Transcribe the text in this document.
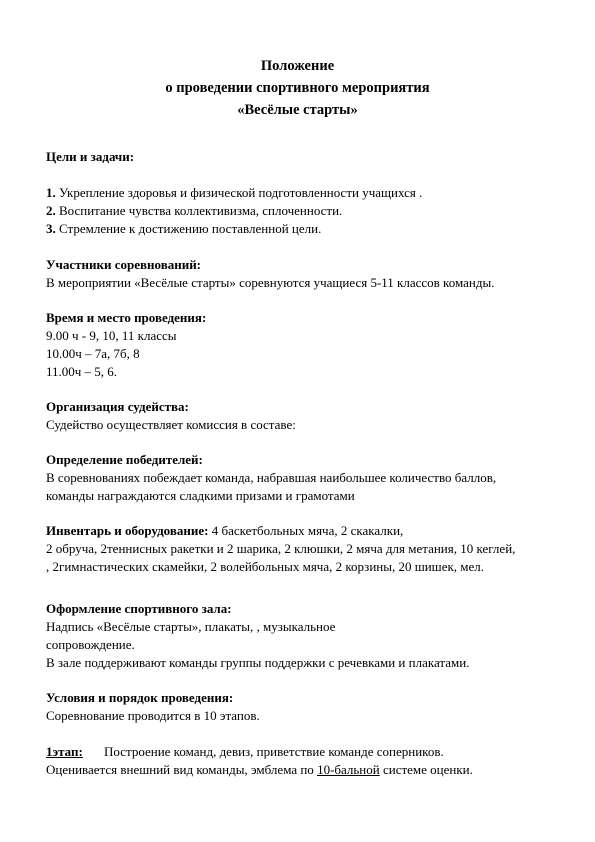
Положение
о проведении спортивного мероприятия
«Весёлые старты»
Цели и задачи:
1. Укрепление здоровья и физической подготовленности учащихся .
2. Воспитание чувства коллективизма, сплоченности.
3. Стремление к достижению поставленной цели.
Участники соревнований:
В мероприятии «Весёлые старты» соревнуются учащиеся 5-11 классов команды.
Время и место проведения:
9.00 ч - 9, 10, 11 классы
10.00ч – 7а, 7б, 8
11.00ч – 5, 6.
Организация судейства:
Судейство осуществляет комиссия в составе:
Определение победителей:
В соревнованиях побеждает команда, набравшая наибольшее количество баллов,
команды награждаются сладкими призами и грамотами
Инвентарь и оборудование: 4 баскетбольных мяча, 2 скакалки,
2 обруча, 2теннисных ракетки и 2 шарика, 2 клюшки, 2 мяча для метания, 10 кеглей,
, 2гимнастических скамейки, 2 волейбольных мяча, 2 корзины, 20 шишек, мел.
Оформление спортивного зала:
Надпись «Весёлые старты», плакаты, , музыкальное
сопровождение.
В зале поддерживают команды группы поддержки с речевками и плакатами.
Условия и порядок проведения:
Соревнование проводится в 10 этапов.
1этап: Построение команд, девиз, приветствие команде соперников.
Оценивается внешний вид команды, эмблема по 10-бальной системе оценки.
